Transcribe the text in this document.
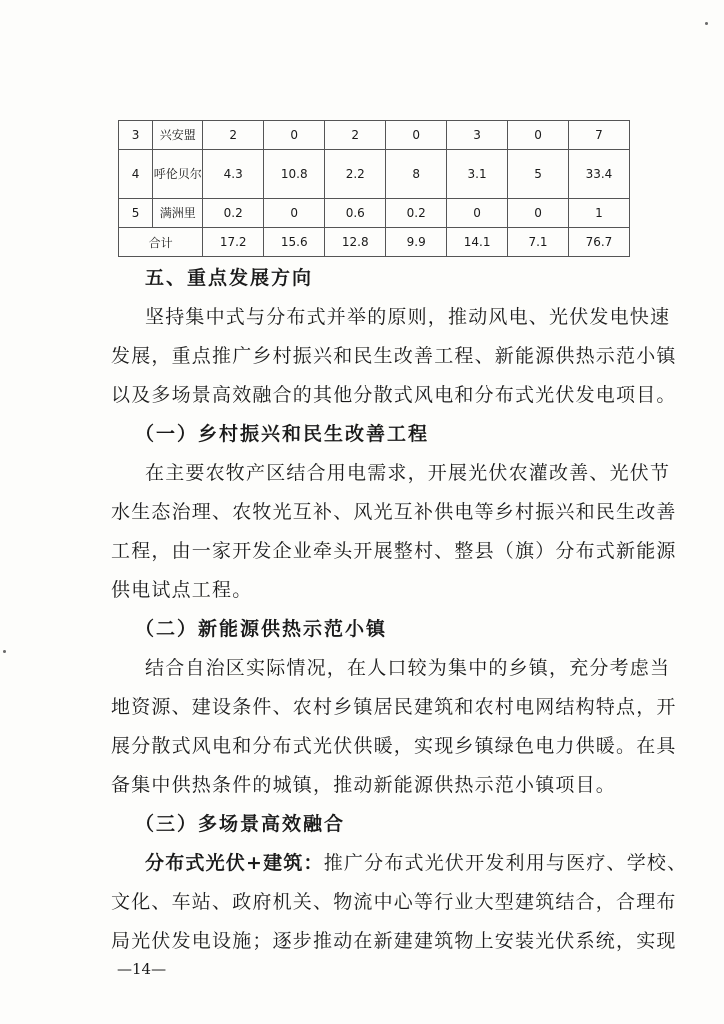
3	兴安盟	2	0	2	0	3	0	7
4	呼伦贝尔	4.3	10.8	2.2	8	3.1	5	33.4
5	满洲里	0.2	0	0.6	0.2	0	0	1
合计		17.2	15.6	12.8	9.9	14.1	7.1	76.7
五、重点发展方向
坚持集中式与分布式并举的原则，推动风电、光伏发电快速
发展，重点推广乡村振兴和民生改善工程、新能源供热示范小镇
以及多场景高效融合的其他分散式风电和分布式光伏发电项目。
（一）乡村振兴和民生改善工程
在主要农牧产区结合用电需求，开展光伏农灌改善、光伏节
水生态治理、农牧光互补、风光互补供电等乡村振兴和民生改善
工程，由一家开发企业牵头开展整村、整县（旗）分布式新能源
供电试点工程。
（二）新能源供热示范小镇
结合自治区实际情况，在人口较为集中的乡镇，充分考虑当
地资源、建设条件、农村乡镇居民建筑和农村电网结构特点，开
展分散式风电和分布式光伏供暖，实现乡镇绿色电力供暖。在具
备集中供热条件的城镇，推动新能源供热示范小镇项目。
（三）多场景高效融合
分布式光伏+建筑：推广分布式光伏开发利用与医疗、学校、
文化、车站、政府机关、物流中心等行业大型建筑结合，合理布
局光伏发电设施；逐步推动在新建建筑物上安装光伏系统，实现
—14—
